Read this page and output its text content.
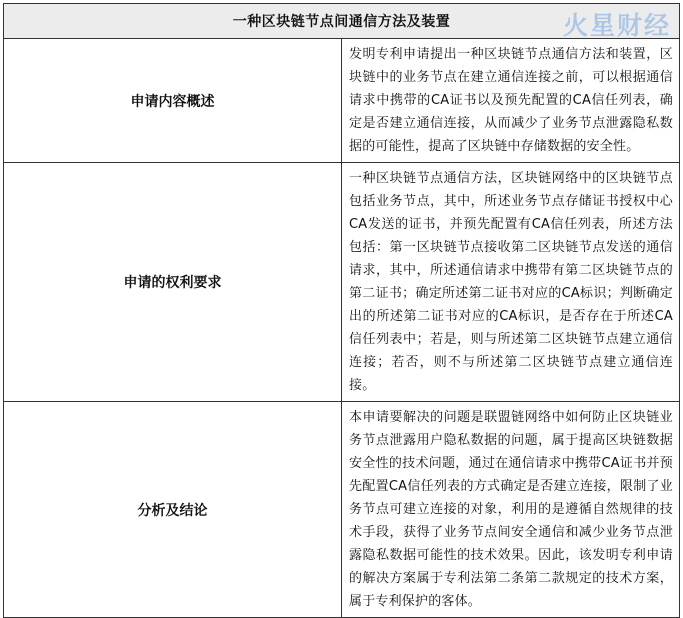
一种区块链节点间通信方法及装置	
申请内容概述	发明专利申请提出一种区块链节点通信方法和装置，区块链中的业务节点在建立通信连接之前，可以根据通信请求中携带的CA证书以及预先配置的CA信任列表，确定是否建立通信连接，从而减少了业务节点泄露隐私数据的可能性，提高了区块链中存储数据的安全性。
申请的权利要求	一种区块链节点通信方法，区块链网络中的区块链节点包括业务节点，其中，所述业务节点存储证书授权中心CA发送的证书，并预先配置有CA信任列表，所述方法包括：第一区块链节点接收第二区块链节点发送的通信请求，其中，所述通信请求中携带有第二区块链节点的第二证书；确定所述第二证书对应的CA标识；判断确定出的所述第二证书对应的CA标识，是否存在于所述CA信任列表中；若是，则与所述第二区块链节点建立通信连接；若否，则不与所述第二区块链节点建立通信连接。
分析及结论	本申请要解决的问题是联盟链网络中如何防止区块链业务节点泄露用户隐私数据的问题，属于提高区块链数据安全性的技术问题，通过在通信请求中携带CA证书并预先配置CA信任列表的方式确定是否建立连接，限制了业务节点可建立连接的对象，利用的是遵循自然规律的技术手段，获得了业务节点间安全通信和减少业务节点泄露隐私数据可能性的技术效果。因此，该发明专利申请的解决方案属于专利法第二条第二款规定的技术方案，属于专利保护的客体。
火星财经
